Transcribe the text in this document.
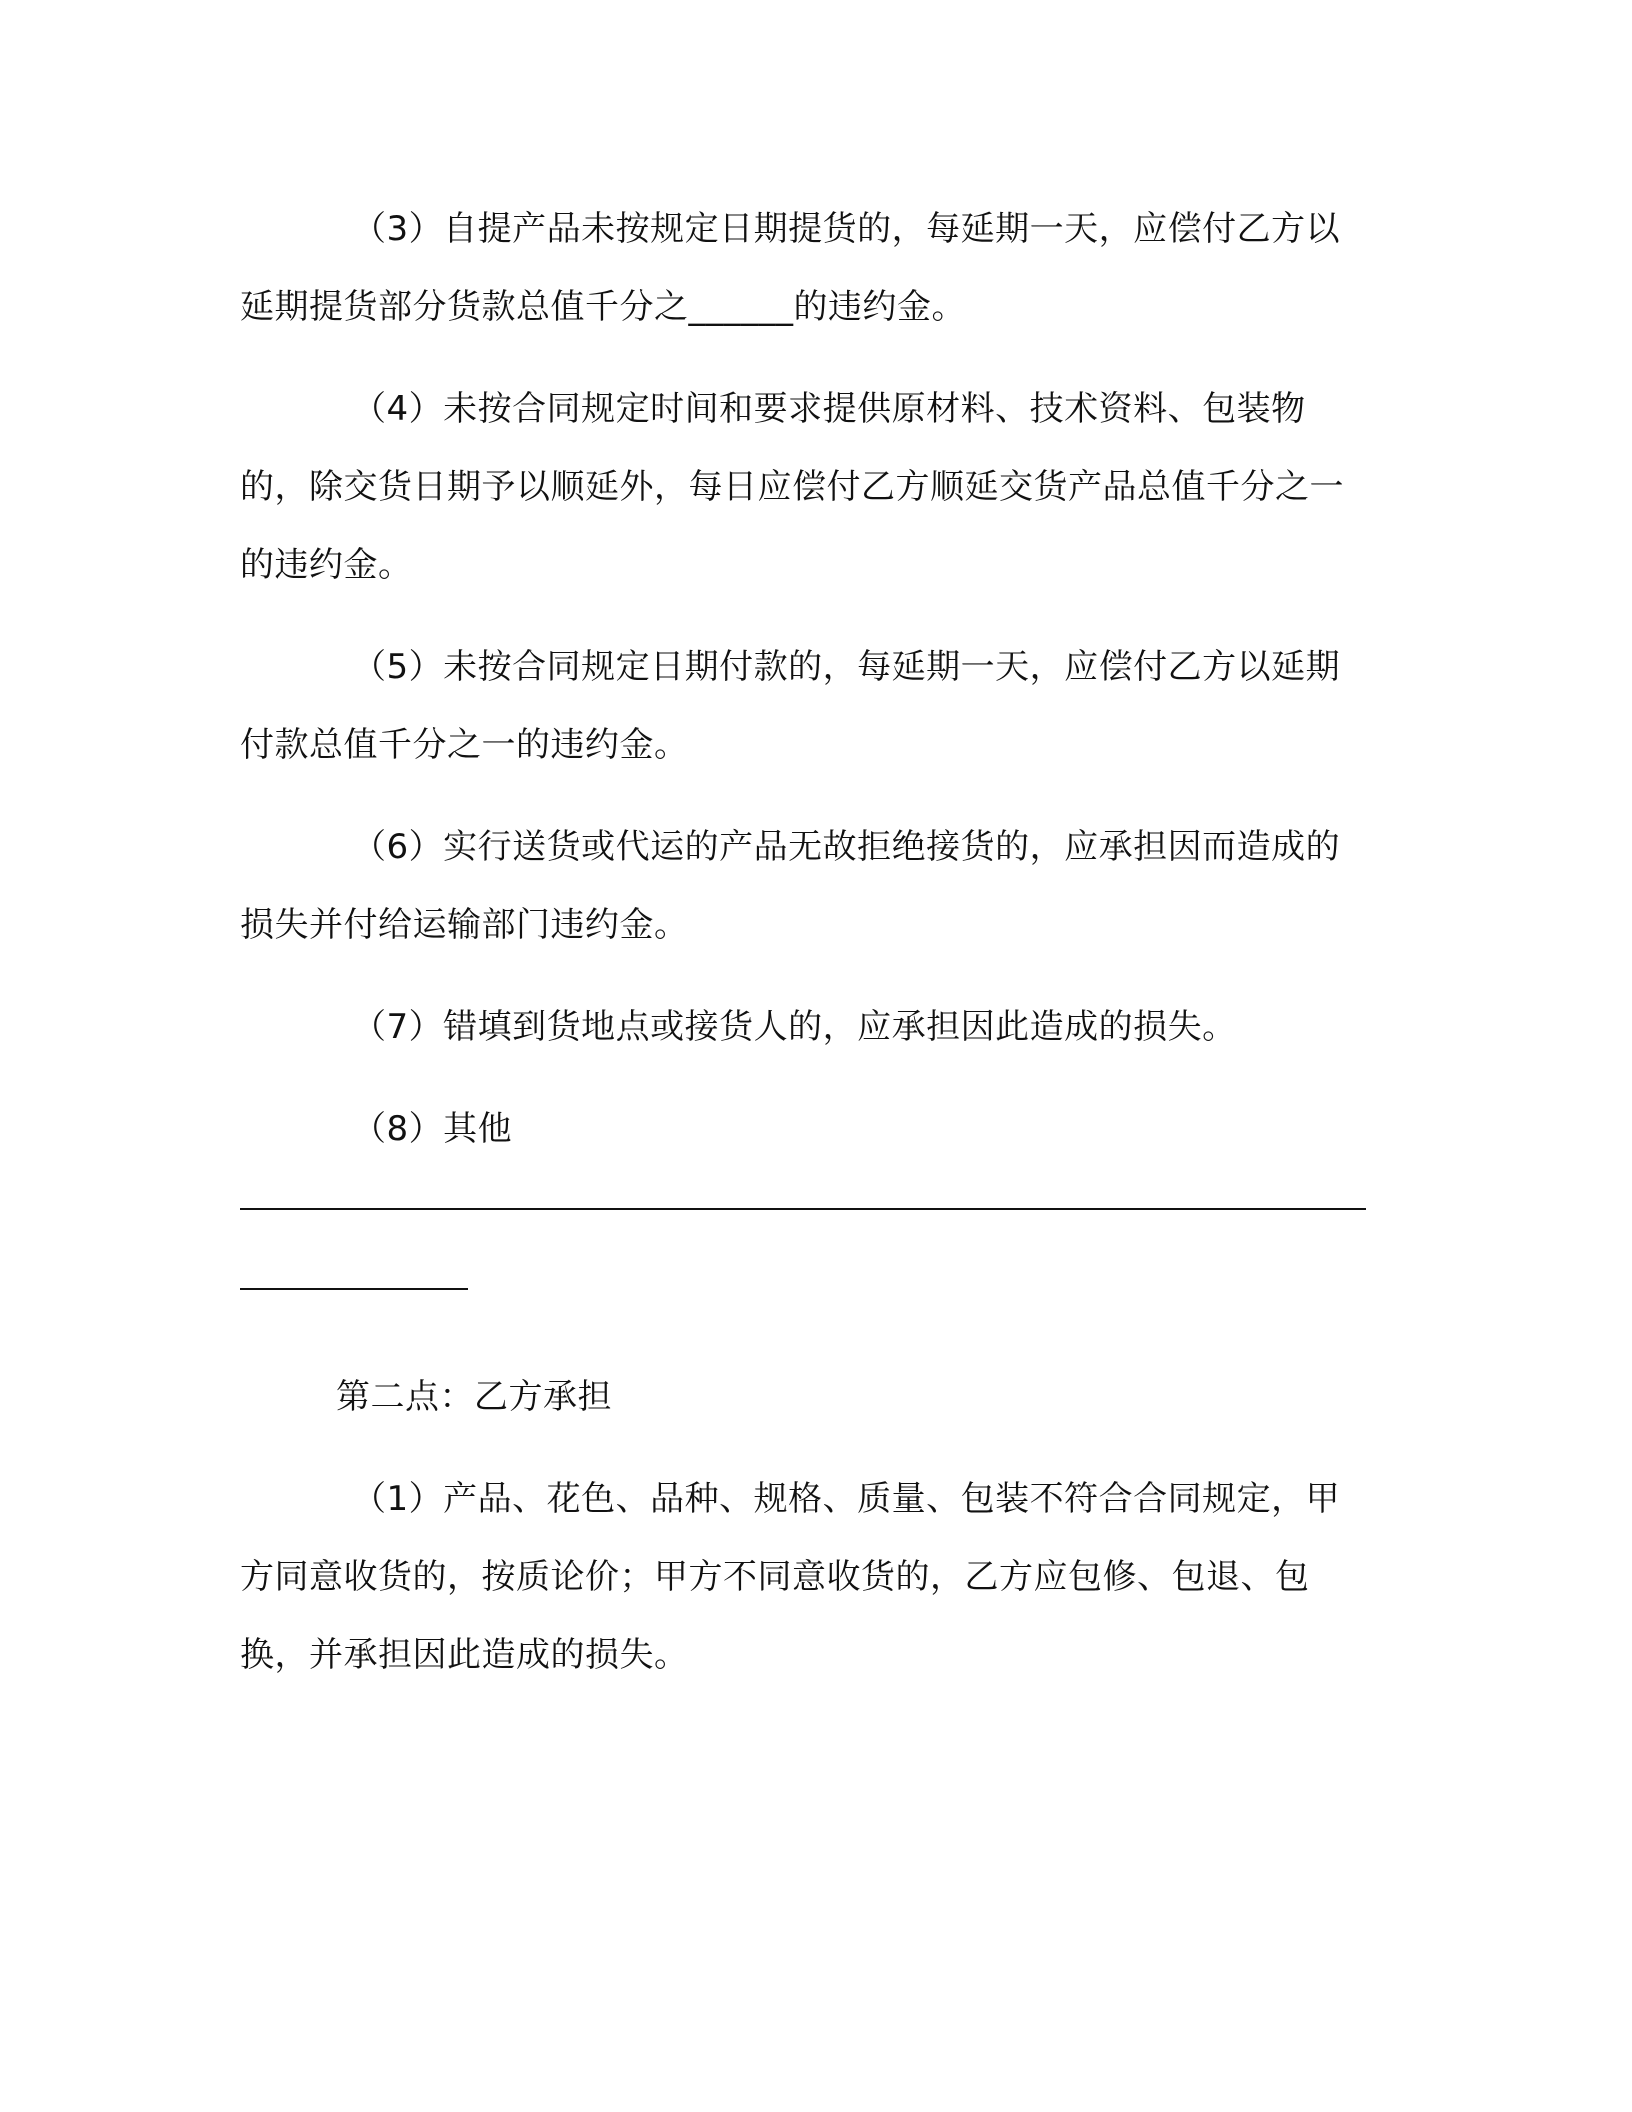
（3）自提产品未按规定日期提货的，每延期一天，应偿付乙方以延期提货部分货款总值千分之______的违约金。

（4）未按合同规定时间和要求提供原材料、技术资料、包装物的，除交货日期予以顺延外，每日应偿付乙方顺延交货产品总值千分之一的违约金。

（5）未按合同规定日期付款的，每延期一天，应偿付乙方以延期付款总值千分之一的违约金。

（6）实行送货或代运的产品无故拒绝接货的，应承担因而造成的损失并付给运输部门违约金。

（7）错填到货地点或接货人的，应承担因此造成的损失。

（8）其他

第二点：乙方承担

（1）产品、花色、品种、规格、质量、包装不符合合同规定，甲方同意收货的，按质论价；甲方不同意收货的，乙方应包修、包退、包换，并承担因此造成的损失。
